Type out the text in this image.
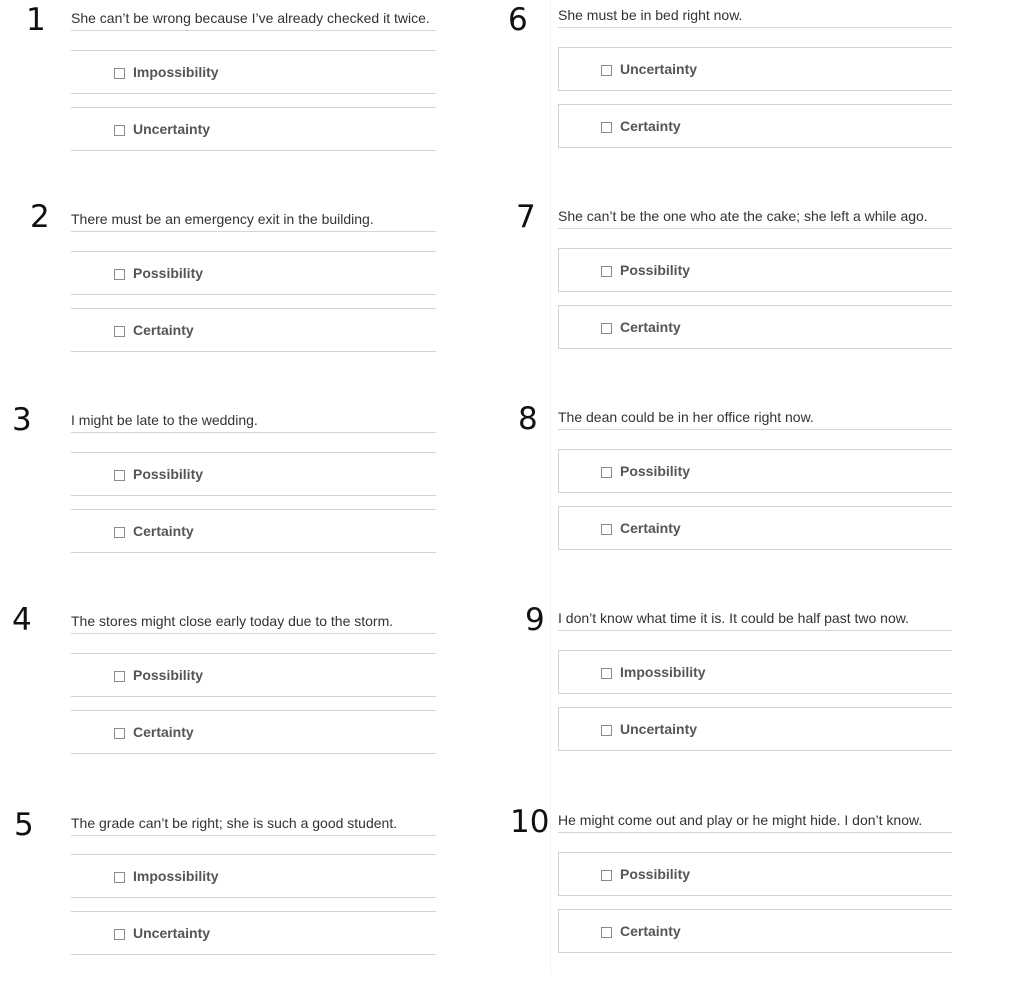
1 She can’t be wrong because I’ve already checked it twice.
Impossibility
Uncertainty
2 There must be an emergency exit in the building.
Possibility
Certainty
3	I might be late to the wedding.
Possibility
Certainty
4	The stores might close early today due to the storm.
Possibility
Certainty
5	The grade can’t be right; she is such a good student.
Impossibility
Uncertainty
6 She must be in bed right now.
Uncertainty
Certainty
7 She can’t be the one who ate the cake; she left a while ago.
Possibility
Certainty
8 The dean could be in her office right now.
Possibility
Certainty
9 I don’t know what time it is. It could be half past two now.
Impossibility
Uncertainty
10 He might come out and play or he might hide. I don’t know.
Possibility
Certainty
